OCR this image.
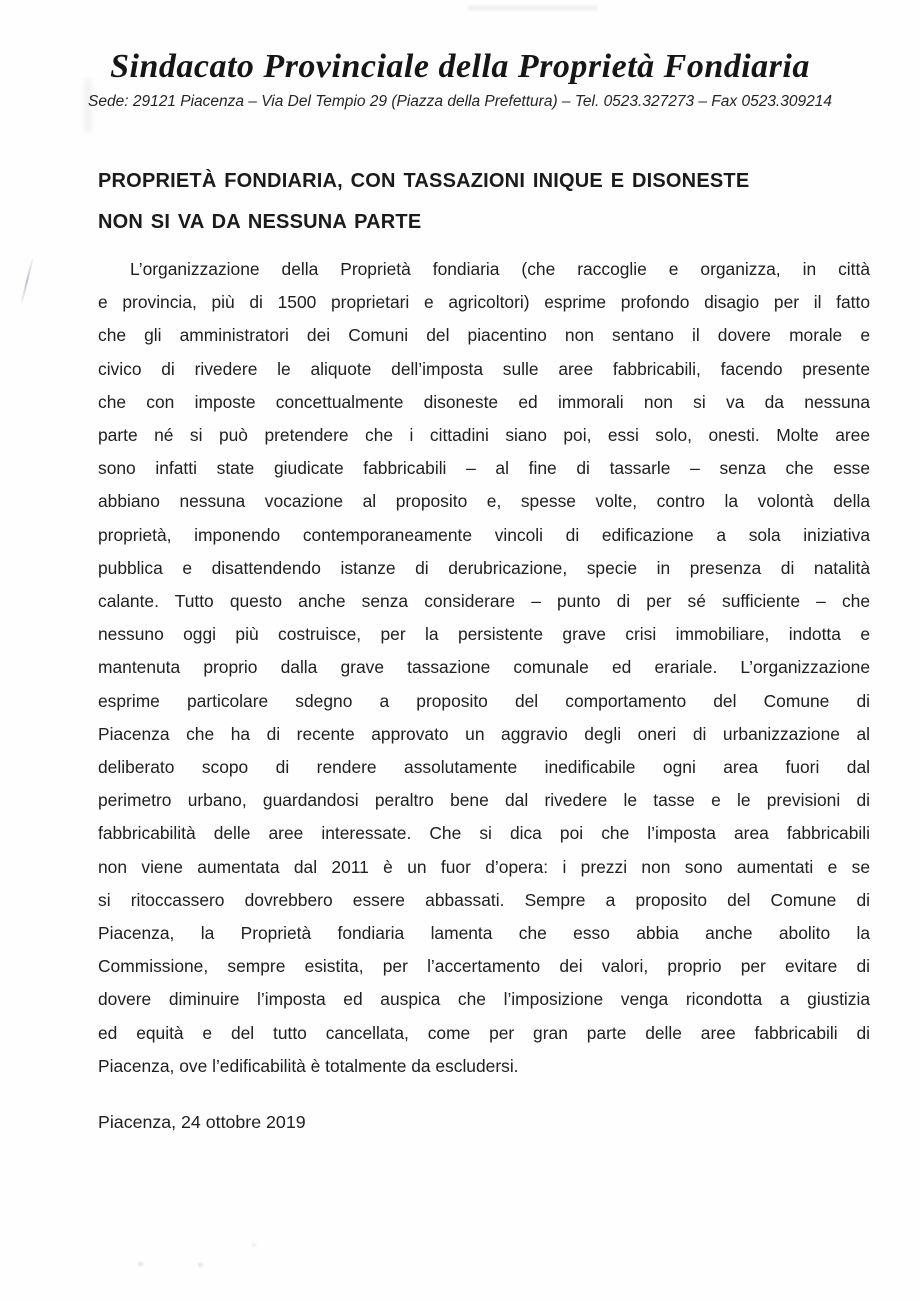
Sindacato Provinciale della Proprietà Fondiaria
Sede: 29121 Piacenza – Via Del Tempio 29 (Piazza della Prefettura) – Tel. 0523.327273 – Fax 0523.309214
PROPRIETÀ FONDIARIA, CON TASSAZIONI INIQUE E DISONESTE
NON SI VA DA NESSUNA PARTE
L’organizzazione della Proprietà fondiaria (che raccoglie e organizza, in città
e provincia, più di 1500 proprietari e agricoltori) esprime profondo disagio per il fatto
che gli amministratori dei Comuni del piacentino non sentano il dovere morale e
civico di rivedere le aliquote dell’imposta sulle aree fabbricabili, facendo presente
che con imposte concettualmente disoneste ed immorali non si va da nessuna
parte né si può pretendere che i cittadini siano poi, essi solo, onesti. Molte aree
sono infatti state giudicate fabbricabili – al fine di tassarle – senza che esse
abbiano nessuna vocazione al proposito e, spesse volte, contro la volontà della
proprietà, imponendo contemporaneamente vincoli di edificazione a sola iniziativa
pubblica e disattendendo istanze di derubricazione, specie in presenza di natalità
calante. Tutto questo anche senza considerare – punto di per sé sufficiente – che
nessuno oggi più costruisce, per la persistente grave crisi immobiliare, indotta e
mantenuta proprio dalla grave tassazione comunale ed erariale. L’organizzazione
esprime particolare sdegno a proposito del comportamento del Comune di
Piacenza che ha di recente approvato un aggravio degli oneri di urbanizzazione al
deliberato scopo di rendere assolutamente inedificabile ogni area fuori dal
perimetro urbano, guardandosi peraltro bene dal rivedere le tasse e le previsioni di
fabbricabilità delle aree interessate. Che si dica poi che l’imposta area fabbricabili
non viene aumentata dal 2011 è un fuor d’opera: i prezzi non sono aumentati e se
si ritoccassero dovrebbero essere abbassati. Sempre a proposito del Comune di
Piacenza, la Proprietà fondiaria lamenta che esso abbia anche abolito la
Commissione, sempre esistita, per l’accertamento dei valori, proprio per evitare di
dovere diminuire l’imposta ed auspica che l’imposizione venga ricondotta a giustizia
ed equità e del tutto cancellata, come per gran parte delle aree fabbricabili di
Piacenza, ove l’edificabilità è totalmente da escludersi.
Piacenza, 24 ottobre 2019
